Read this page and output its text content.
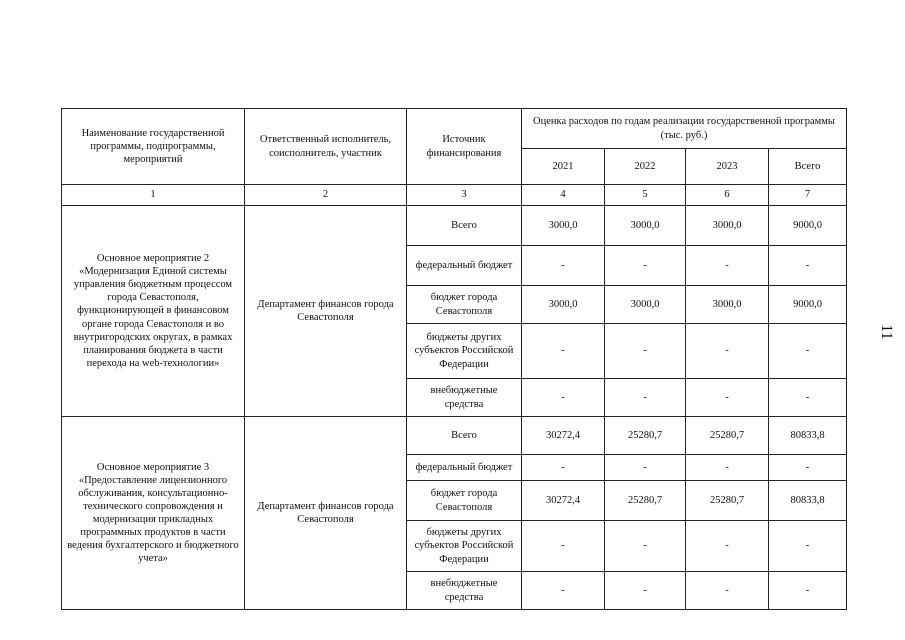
Наименование государственной программы, подпрограммы, мероприятий	Ответственный исполнитель, соисполнитель, участник	Источник финансирования	Оценка расходов по годам реализации государственной программы (тыс. руб.)			
			2021	2022	2023	Всего
1	2	3	4	5	6	7
Основное мероприятие 2 «Модернизация Единой системы управления бюджетным процессом города Севастополя, функционирующей в финансовом органе города Севастополя и во внутригородских округах, в рамках планирования бюджета в части перехода на web-технологии»	Департамент финансов города Севастополя	Всего	3000,0	3000,0	3000,0	9000,0
		федеральный бюджет	-	-	-	-
		бюджет города Севастополя	3000,0	3000,0	3000,0	9000,0
		бюджеты других субъектов Российской Федерации	-	-	-	-
		внебюджетные средства	-	-	-	-
Основное мероприятие 3 «Предоставление лицензионного обслуживания, консультационно-технического сопровождения и модернизация прикладных программных продуктов в части ведения бухгалтерского и бюджетного учета»	Департамент финансов города Севастополя	Всего	30272,4	25280,7	25280,7	80833,8
		федеральный бюджет	-	-	-	-
		бюджет города Севастополя	30272,4	25280,7	25280,7	80833,8
		бюджеты других субъектов Российской Федерации	-	-	-	-
		внебюджетные средства	-	-	-	-
11
